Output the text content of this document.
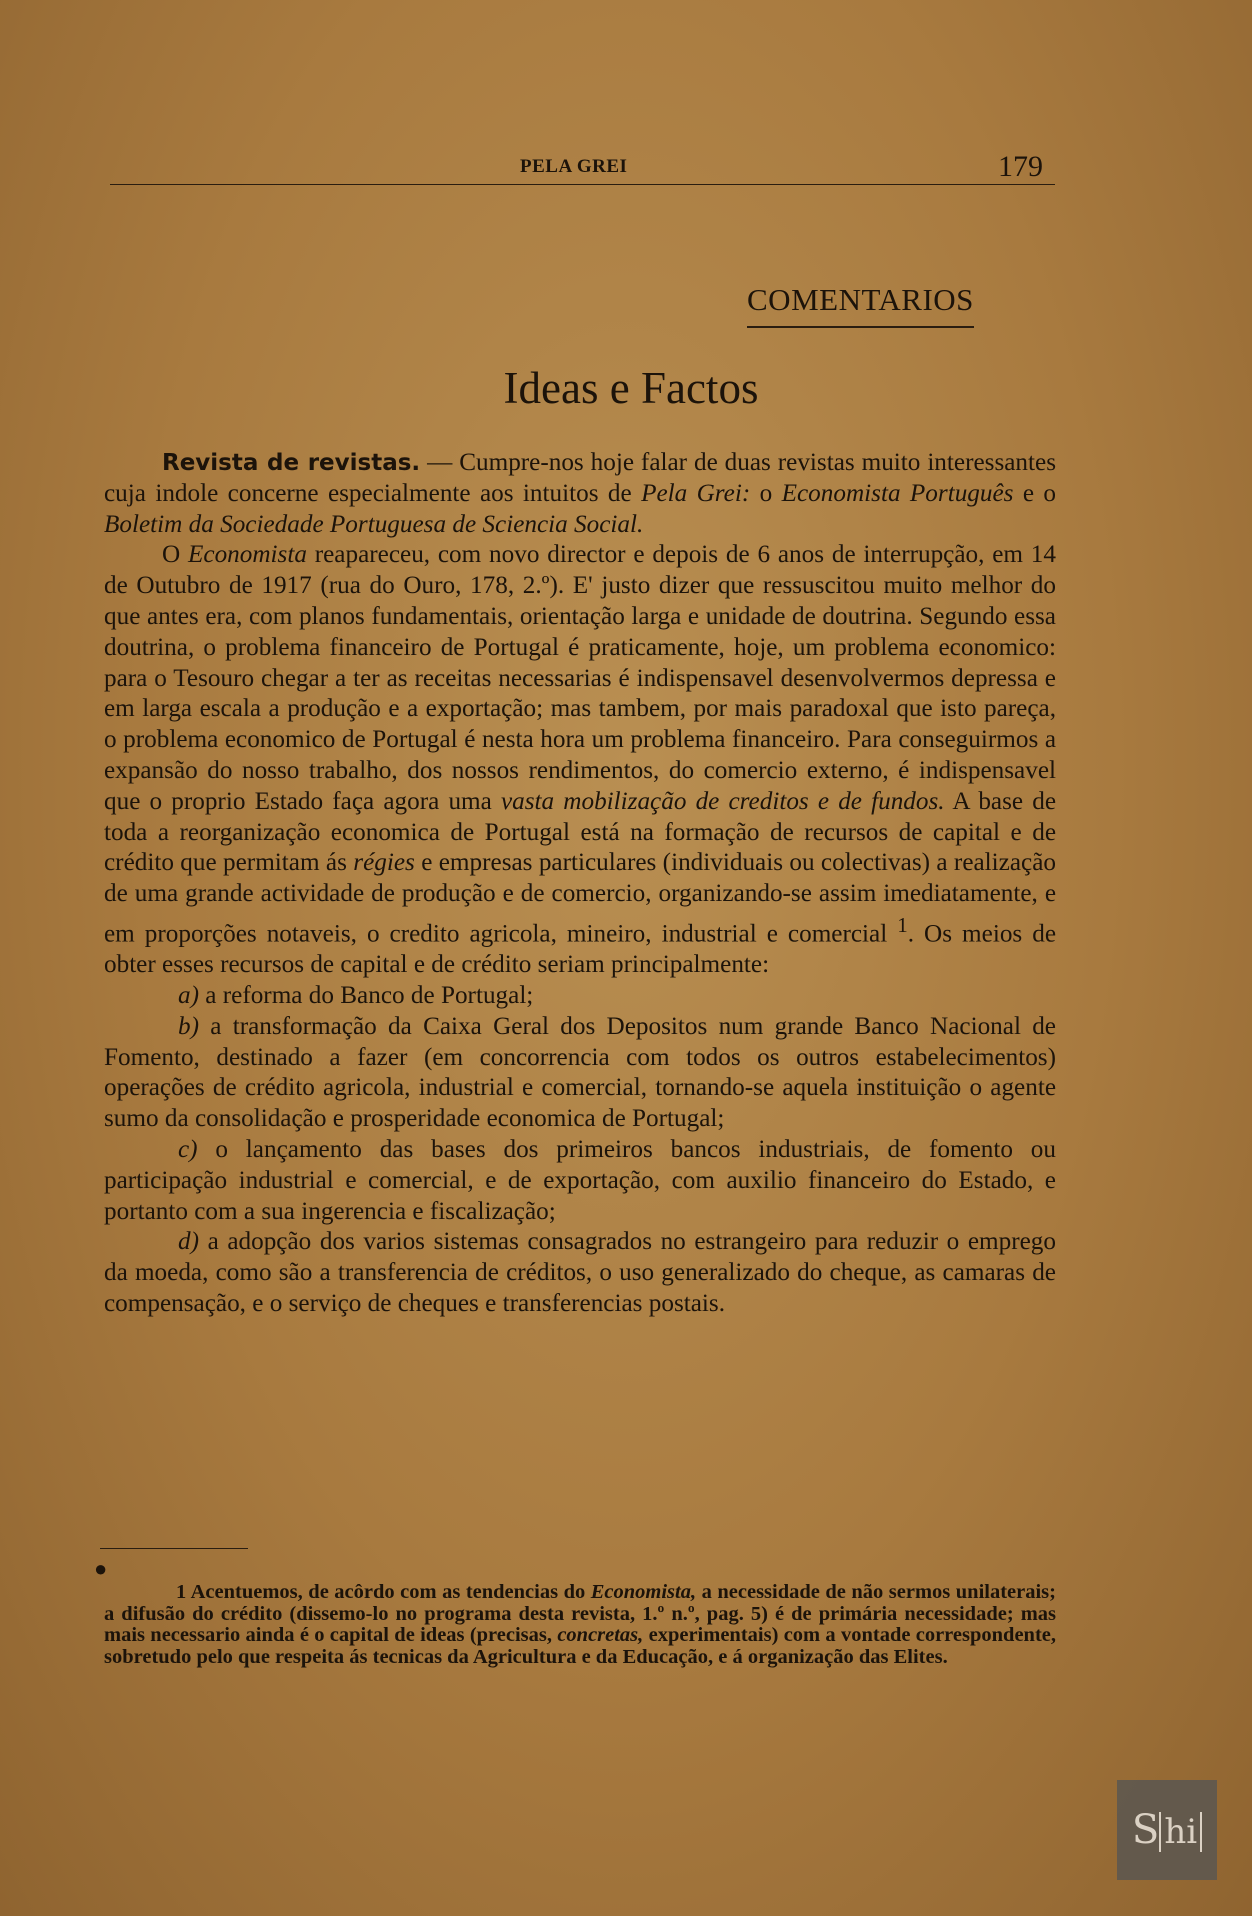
PELA GREI	179
COMENTARIOS
Ideas e Factos

Revista de revistas. — Cumpre-nos hoje falar de duas revistas muito interessantes cuja indole concerne especialmente aos intuitos de Pela Grei: o Economista Português e o Boletim da Sociedade Portuguesa de Sciencia Social.

O Economista reapareceu, com novo director e depois de 6 anos de interrupção, em 14 de Outubro de 1917 (rua do Ouro, 178, 2.º). E' justo dizer que ressuscitou muito melhor do que antes era, com planos fundamentais, orientação larga e unidade de doutrina. Segundo essa doutrina, o problema financeiro de Portugal é praticamente, hoje, um problema economico: para o Tesouro chegar a ter as receitas necessarias é indispensavel desenvolvermos depressa e em larga escala a produção e a exportação; mas tambem, por mais paradoxal que isto pareça, o problema economico de Portugal é nesta hora um problema financeiro. Para conseguirmos a expansão do nosso trabalho, dos nossos rendimentos, do comercio externo, é indispensavel que o proprio Estado faça agora uma vasta mobilização de creditos e de fundos. A base de toda a reorganização economica de Portugal está na formação de recursos de capital e de crédito que permitam ás régies e empresas particulares (individuais ou colectivas) a realização de uma grande actividade de produção e de comercio, organizando-se assim imediatamente, e em proporções notaveis, o credito agricola, mineiro, industrial e comercial $^1$. Os meios de obter esses recursos de capital e de crédito seriam principalmente:

a) a reforma do Banco de Portugal;

b) a transformação da Caixa Geral dos Depositos num grande Banco Nacional de Fomento, destinado a fazer (em concorrencia com todos os outros estabelecimentos) operações de crédito agricola, industrial e comercial, tornando-se aquela instituição o agente sumo da consolidação e prosperidade economica de Portugal;

c) o lançamento das bases dos primeiros bancos industriais, de fomento ou participação industrial e comercial, e de exportação, com auxilio financeiro do Estado, e portanto com a sua ingerencia e fiscalização;

d) a adopção dos varios sistemas consagrados no estrangeiro para reduzir o emprego da moeda, como são a transferencia de créditos, o uso generalizado do cheque, as camaras de compensação, e o serviço de cheques e transferencias postais.

●

1 Acentuemos, de acôrdo com as tendencias do Economista, a necessidade de não sermos unilaterais; a difusão do crédito (dissemo-lo no programa desta revista, 1.º n.º, pag. 5) é de primária necessidade; mas mais necessario ainda é o capital de ideas (precisas, concretas, experimentais) com a vontade correspondente, sobretudo pelo que respeita ás tecnicas da Agricultura e da Educação, e á organização das Elites.

S hi
